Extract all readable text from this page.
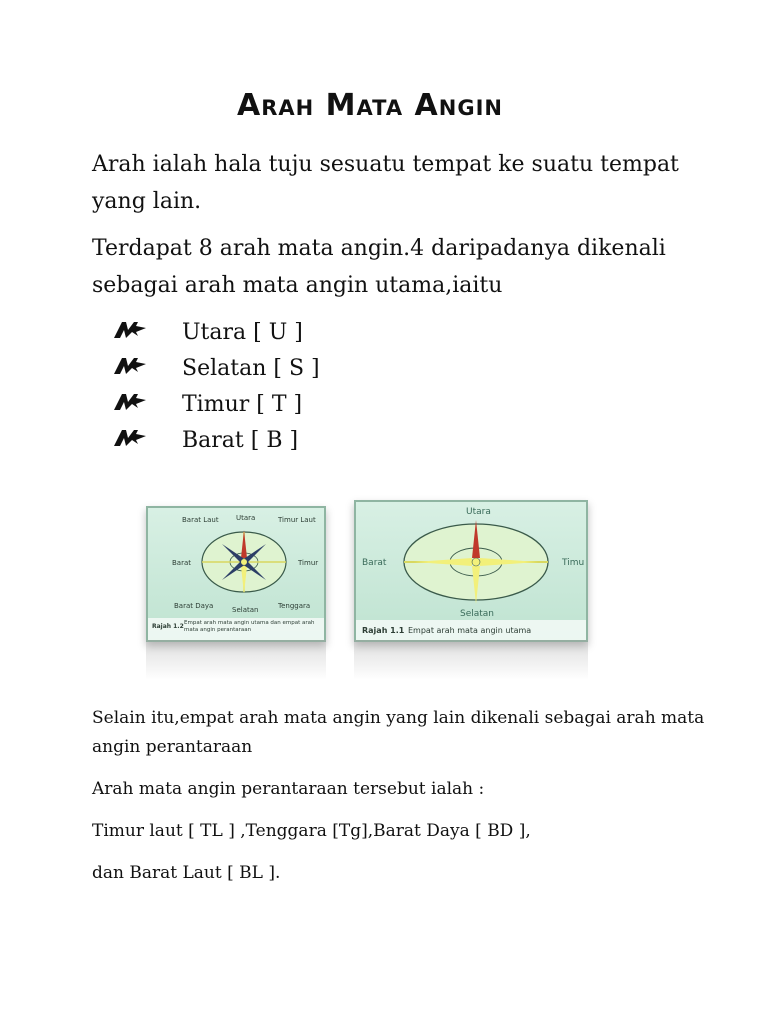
Arah Mata Angin
Arah ialah hala tuju sesuatu tempat ke suatu tempat yang lain.
Terdapat 8 arah mata angin.4 daripadanya dikenali sebagai arah mata angin utama,iaitu
Utara [ U ]
Selatan [ S ]
Timur [ T ]
Barat [ B ]
Barat Laut Utara	Timur Laut
Barat	Timur
Barat Daya	Selatan	Tenggara
Rajah 1.2 Empat arah mata angin utama dan empat arah mata angin perantaraan
Utara
Barat	Timu
Selatan
Rajah 1.1 Empat arah mata angin utama
Selain itu,empat arah mata angin yang lain dikenali sebagai arah mata angin perantaraan
Arah mata angin perantaraan tersebut ialah :
Timur laut [ TL ] ,Tenggara [Tg],Barat Daya [ BD ],
dan Barat Laut [ BL ].
